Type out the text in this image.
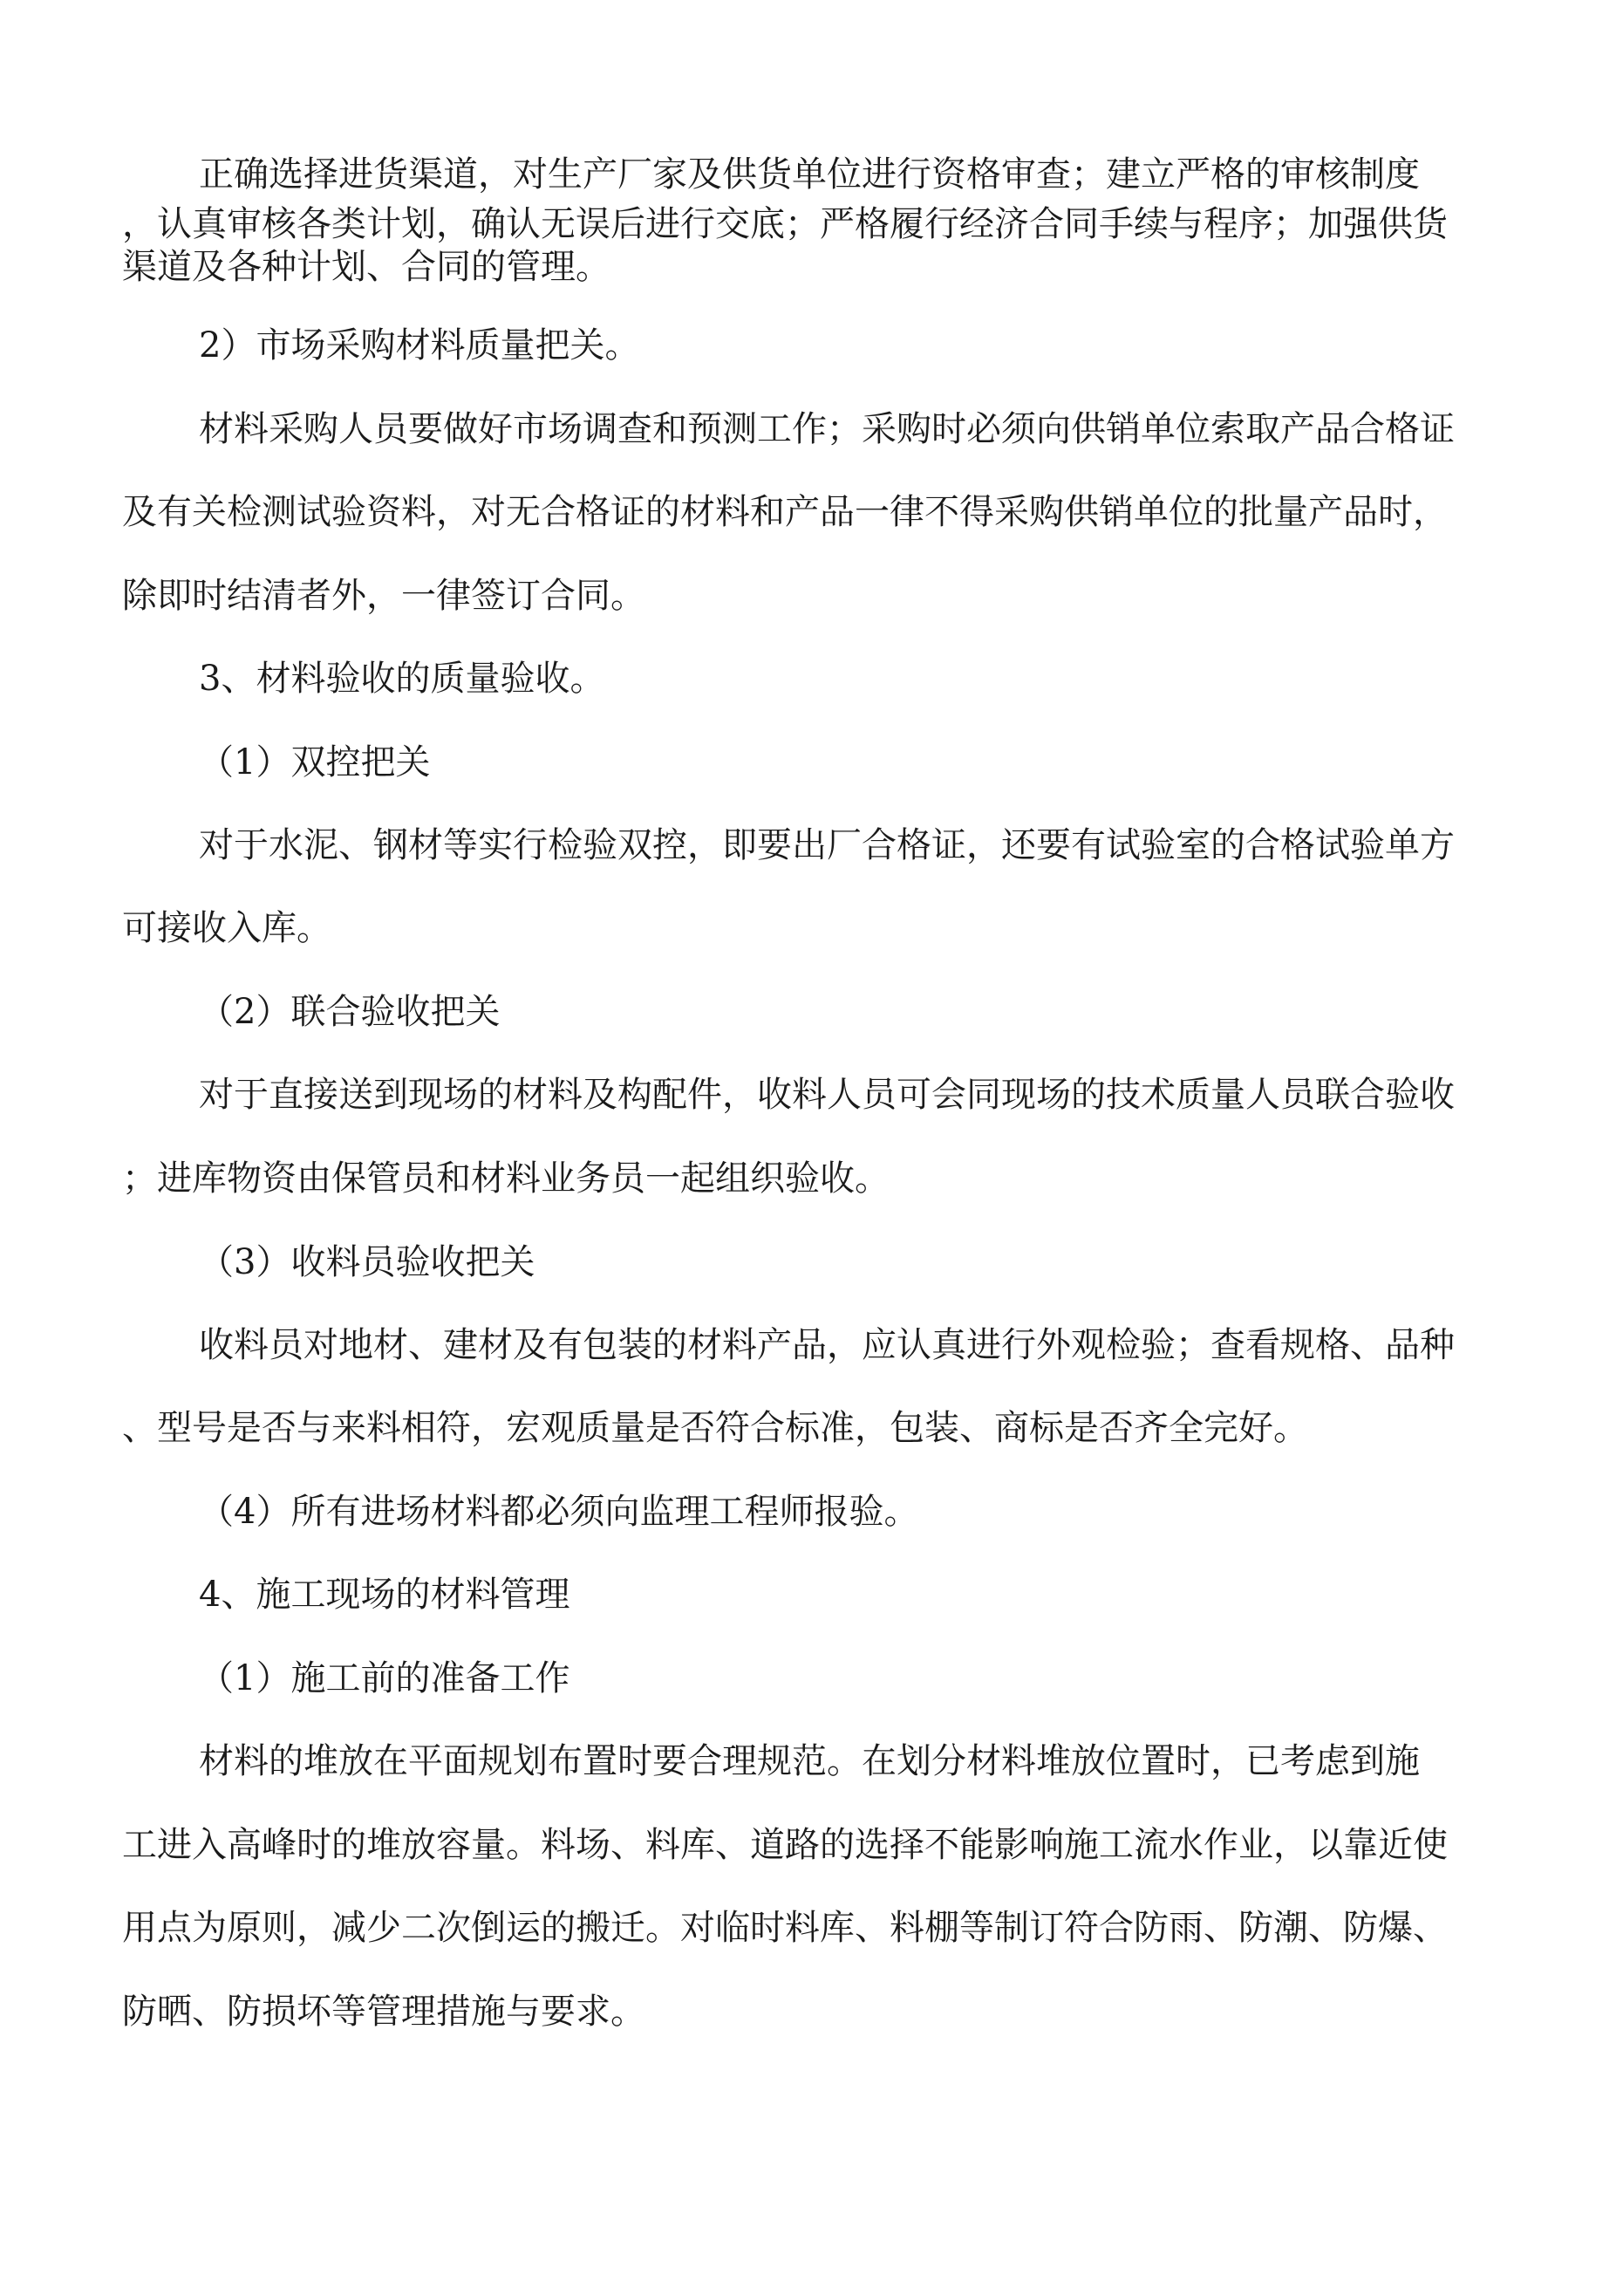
正确选择进货渠道，对生产厂家及供货单位进行资格审查；建立严格的审核制度
，认真审核各类计划，确认无误后进行交底；严格履行经济合同手续与程序；加强供货
渠道及各种计划、合同的管理。
2）市场采购材料质量把关。
材料采购人员要做好市场调查和预测工作；采购时必须向供销单位索取产品合格证
及有关检测试验资料，对无合格证的材料和产品一律不得采购供销单位的批量产品时，
除即时结清者外，一律签订合同。
3、材料验收的质量验收。
（1）双控把关
对于水泥、钢材等实行检验双控，即要出厂合格证，还要有试验室的合格试验单方
可接收入库。
（2）联合验收把关
对于直接送到现场的材料及构配件，收料人员可会同现场的技术质量人员联合验收
；进库物资由保管员和材料业务员一起组织验收。
（3）收料员验收把关
收料员对地材、建材及有包装的材料产品，应认真进行外观检验；查看规格、品种
、型号是否与来料相符，宏观质量是否符合标准，包装、商标是否齐全完好。
（4）所有进场材料都必须向监理工程师报验。
4、施工现场的材料管理
（1）施工前的准备工作
材料的堆放在平面规划布置时要合理规范。在划分材料堆放位置时，已考虑到施
工进入高峰时的堆放容量。料场、料库、道路的选择不能影响施工流水作业，以靠近使
用点为原则，减少二次倒运的搬迁。对临时料库、料棚等制订符合防雨、防潮、防爆、
防晒、防损坏等管理措施与要求。
